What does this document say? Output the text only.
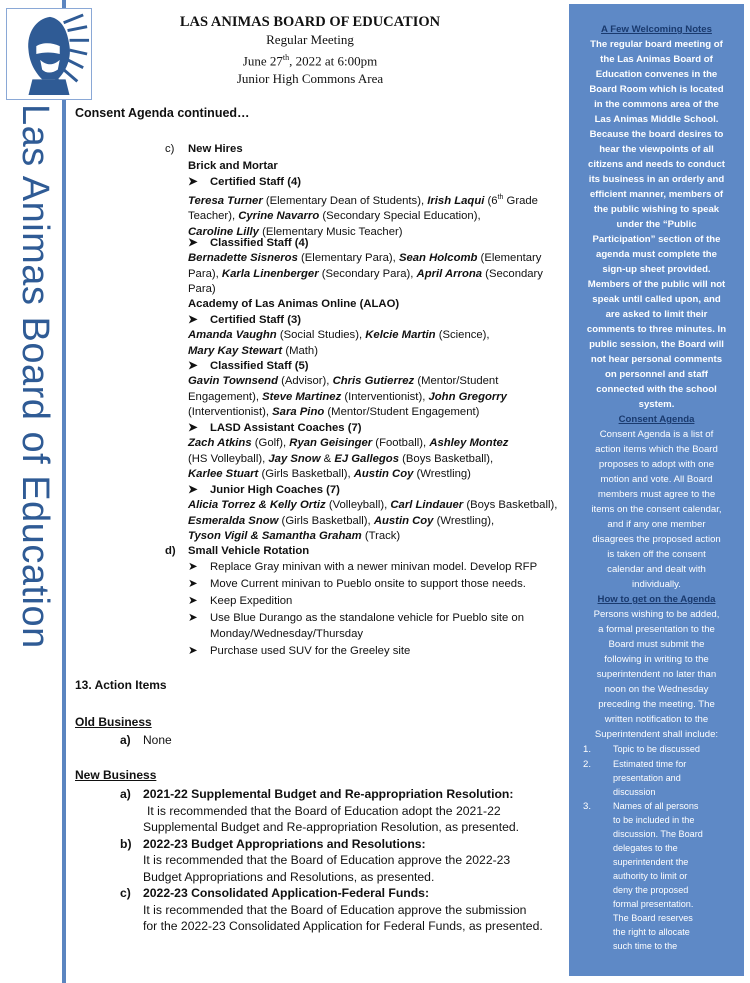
Las Animas Board of Education
LAS ANIMAS BOARD OF EDUCATION
Regular Meeting
June 27th, 2022 at 6:00pm
Junior High Commons Area
Consent Agenda continued…
c) New Hires
Brick and Mortar
➤ Certified Staff (4)
Teresa Turner (Elementary Dean of Students), Irish Laqui (6th Grade
Teacher), Cyrine Navarro (Secondary Special Education),
Caroline Lilly (Elementary Music Teacher)
➤ Classified Staff (4)
Bernadette Sisneros (Elementary Para), Sean Holcomb (Elementary
Para), Karla Linenberger (Secondary Para), April Arrona (Secondary
Para)
Academy of Las Animas Online (ALAO)
➤ Certified Staff (3)
Amanda Vaughn (Social Studies), Kelcie Martin (Science),
Mary Kay Stewart (Math)
➤ Classified Staff (5)
Gavin Townsend (Advisor), Chris Gutierrez (Mentor/Student
Engagement), Steve Martinez (Interventionist), John Gregorry
(Interventionist), Sara Pino (Mentor/Student Engagement)
➤ LASD Assistant Coaches (7)
Zach Atkins (Golf), Ryan Geisinger (Football), Ashley Montez
(HS Volleyball), Jay Snow & EJ Gallegos (Boys Basketball),
Karlee Stuart (Girls Basketball), Austin Coy (Wrestling)
➤ Junior High Coaches (7)
Alicia Torrez & Kelly Ortiz (Volleyball), Carl Lindauer (Boys Basketball),
Esmeralda Snow (Girls Basketball), Austin Coy (Wrestling),
Tyson Vigil & Samantha Graham (Track)
d) Small Vehicle Rotation
➤ Replace Gray minivan with a newer minivan model. Develop RFP
➤ Move Current minivan to Pueblo onsite to support those needs.
➤ Keep Expedition
➤ Use Blue Durango as the standalone vehicle for Pueblo site on
Monday/Wednesday/Thursday
➤ Purchase used SUV for the Greeley site
13. Action Items
Old Business
a) None
New Business
a) 2021-22 Supplemental Budget and Re-appropriation Resolution:
It is recommended that the Board of Education adopt the 2021-22
Supplemental Budget and Re-appropriation Resolution, as presented.
b) 2022-23 Budget Appropriations and Resolutions:
It is recommended that the Board of Education approve the 2022-23
Budget Appropriations and Resolutions, as presented.
c) 2022-23 Consolidated Application-Federal Funds:
It is recommended that the Board of Education approve the submission
for the 2022-23 Consolidated Application for Federal Funds, as presented.
A Few Welcoming Notes
The regular board meeting of
the Las Animas Board of
Education convenes in the
Board Room which is located
in the commons area of the
Las Animas Middle School.
Because the board desires to
hear the viewpoints of all
citizens and needs to conduct
its business in an orderly and
efficient manner, members of
the public wishing to speak
under the “Public
Participation” section of the
agenda must complete the
sign-up sheet provided.
Members of the public will not
speak until called upon, and
are asked to limit their
comments to three minutes. In
public session, the Board will
not hear personal comments
on personnel and staff
connected with the school
system.
Consent Agenda
Consent Agenda is a list of
action items which the Board
proposes to adopt with one
motion and vote. All Board
members must agree to the
items on the consent calendar,
and if any one member
disagrees the proposed action
is taken off the consent
calendar and dealt with
individually.
How to get on the Agenda
Persons wishing to be added,
a formal presentation to the
Board must submit the
following in writing to the
superintendent no later than
noon on the Wednesday
preceding the meeting. The
written notification to the
Superintendent shall include:
1.	Topic to be discussed
2.	Estimated time for
presentation and
discussion
3.	Names of all persons
to be included in the
discussion. The Board
delegates to the
superintendent the
authority to limit or
deny the proposed
formal presentation.
The Board reserves
the right to allocate
such time to the
